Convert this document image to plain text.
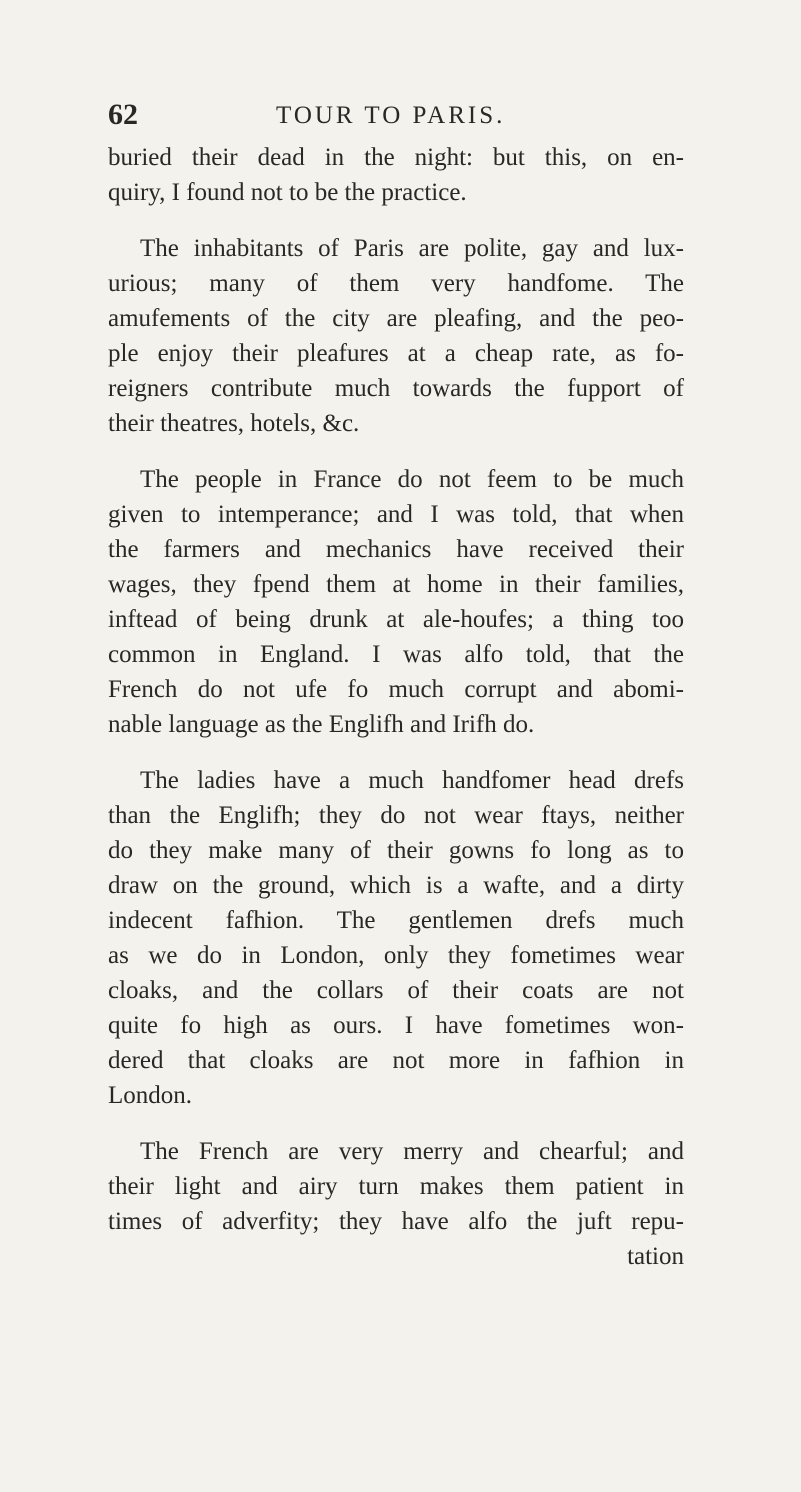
62	TOUR TO PARIS.
buried their dead in the night: but this, on en-
quiry, I found not to be the practice.
The inhabitants of Paris are polite, gay and lux-
urious; many of them very handfome. The
amufements of the city are pleafing, and the peo-
ple enjoy their pleafures at a cheap rate, as fo-
reigners contribute much towards the fupport of
their theatres, hotels, &c.
The people in France do not feem to be much
given to intemperance; and I was told, that when
the farmers and mechanics have received their
wages, they fpend them at home in their families,
inftead of being drunk at ale-houfes; a thing too
common in England. I was alfo told, that the
French do not ufe fo much corrupt and abomi-
nable language as the Englifh and Irifh do.
The ladies have a much handfomer head drefs
than the Englifh; they do not wear ftays, neither
do they make many of their gowns fo long as to
draw on the ground, which is a wafte, and a dirty
indecent fafhion. The gentlemen drefs much
as we do in London, only they fometimes wear
cloaks, and the collars of their coats are not
quite fo high as ours. I have fometimes won-
dered that cloaks are not more in fafhion in
London.
The French are very merry and chearful; and
their light and airy turn makes them patient in
times of adverfity; they have alfo the juft repu-
tation
